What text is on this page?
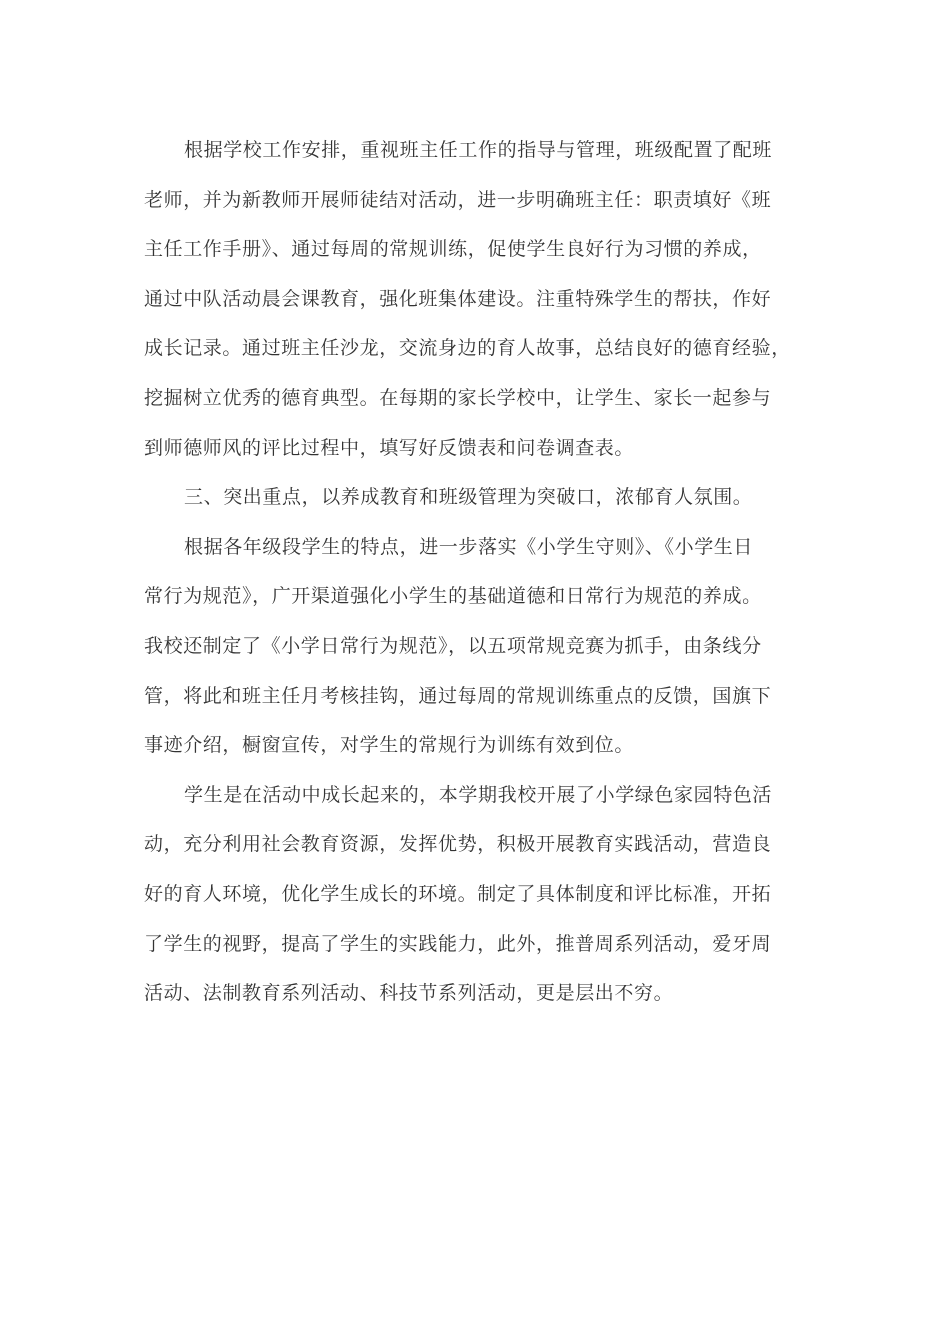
根据学校工作安排，重视班主任工作的指导与管理，班级配置了配班
老师，并为新教师开展师徒结对活动，进一步明确班主任：职责填好《班
主任工作手册》、通过每周的常规训练，促使学生良好行为习惯的养成，
通过中队活动晨会课教育，强化班集体建设。注重特殊学生的帮扶，作好
成长记录。通过班主任沙龙，交流身边的育人故事，总结良好的德育经验，
挖掘树立优秀的德育典型。在每期的家长学校中，让学生、家长一起参与
到师德师风的评比过程中，填写好反馈表和问卷调查表。
三、突出重点，以养成教育和班级管理为突破口，浓郁育人氛围。
根据各年级段学生的特点，进一步落实《小学生守则》、《小学生日
常行为规范》，广开渠道强化小学生的基础道德和日常行为规范的养成。
我校还制定了《小学日常行为规范》，以五项常规竞赛为抓手，由条线分
管，将此和班主任月考核挂钩，通过每周的常规训练重点的反馈，国旗下
事迹介绍，橱窗宣传，对学生的常规行为训练有效到位。
学生是在活动中成长起来的，本学期我校开展了小学绿色家园特色活
动，充分利用社会教育资源，发挥优势，积极开展教育实践活动，营造良
好的育人环境，优化学生成长的环境。制定了具体制度和评比标准，开拓
了学生的视野，提高了学生的实践能力，此外，推普周系列活动，爱牙周
活动、法制教育系列活动、科技节系列活动，更是层出不穷。
